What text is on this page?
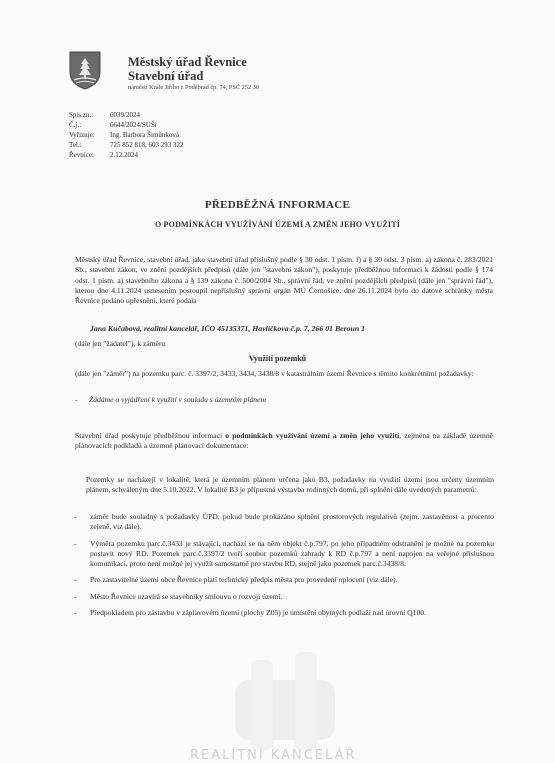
Městský úřad Řevnice
Stavební úřad
náměstí Krále Jiřího z Poděbrad čp. 74, PSČ 252 30
Spis.zn.:	6039/2024
Č.j.:	6644/2024/SUŠi
Vyřizuje:	Ing. Barbora Šimůnková
Tel.:	725 852 818, 603 293 322
Řevnice:	2.12.2024
PŘEDBĚŽNÁ INFORMACE
O PODMÍNKÁCH VYUŽÍVÁNÍ ÚZEMÍ A ZMĚN JEHO VYUŽITÍ
Městský úřad Řevnice, stavební úřad, jako stavební úřad příslušný podle § 30 odst. 1 písm. f) a § 30 odst. 3 písm. a) zákona č. 283/2021 Sb., stavební zákon, ve znění pozdějších předpisů (dále jen "stavební zákon"), poskytuje předběžnou informaci k žádosti podle § 174 odst. 1 písm. a) stavebního zákona a § 139 zákona č. 500/2004 Sb., správní řád, ve znění pozdějších předpisů (dále jen "správní řád"), kterou dne 4.11.2024 usnesením postoupil nepříslušný správní orgán MÚ Černošice, dne 26.11.2024 bylo do datové schránky města Řevnice podáno upřesnění, které podala
Jana Kučabová, realitní kancelář, IČO 45135371, Havlíčkova č.p. 7, 266 01 Beroun 1
(dále jen "žadatel"), k záměru
Využití pozemků
(dále jen "záměr") na pozemku parc. č. 3397/2, 3433, 3434, 3438/8 v katastrálním území Řevnice s těmito konkrétními požadavky:
- Žádáme o vyjádření k využití v souladu s územním plánem
Stavební úřad poskytuje předběžnou informaci o podmínkách využívání území a změn jeho využití, zejména na základě územně plánovacích podkladů a územně plánovací dokumentace:
Pozemky se nacházejí v lokalitě, která je územním plánem určena jako B3, požadavky na využití území jsou určeny územním plánem, schváleným dne 5.10.2022. V lokalitě B3 je přípustná výstavba rodinných domů, při splnění dále uvedených parametrů:
-	záměr bude souladný s požadavky ÚPD, pokud bude prokázáno splnění prostorových regulativů (zejm. zastavěnost a procento zeleně, viz dále).
-	Výměra pozemku parc.č.3433 je stávající, nachází se na něm objekt č.p.797, po jeho případném odstranění je možné na pozemku postavit nový RD. Pozemek parc.č.3397/2 tvoří soubor pozemků zahrady k RD č.p.797 a není napojen na veřejné příslušnou komunikaci, proto není možné jej využít samostatně pro stavbu RD, stejně jako pozemek parc.č.3438/8.
-	Pro zastavitelné území obce Řevnice platí technický předpis města pro provedení oplocení (viz dále).
-	Město Řevnice uzavírá se stavebníky smlouvu o rozvoji území.
-	Předpokladem pro zástavbu v záplavovém území (plochy Z05) je umístění obytných podlaží nad úrovní Q100.
REALITNÍ KANCELÁŘ
